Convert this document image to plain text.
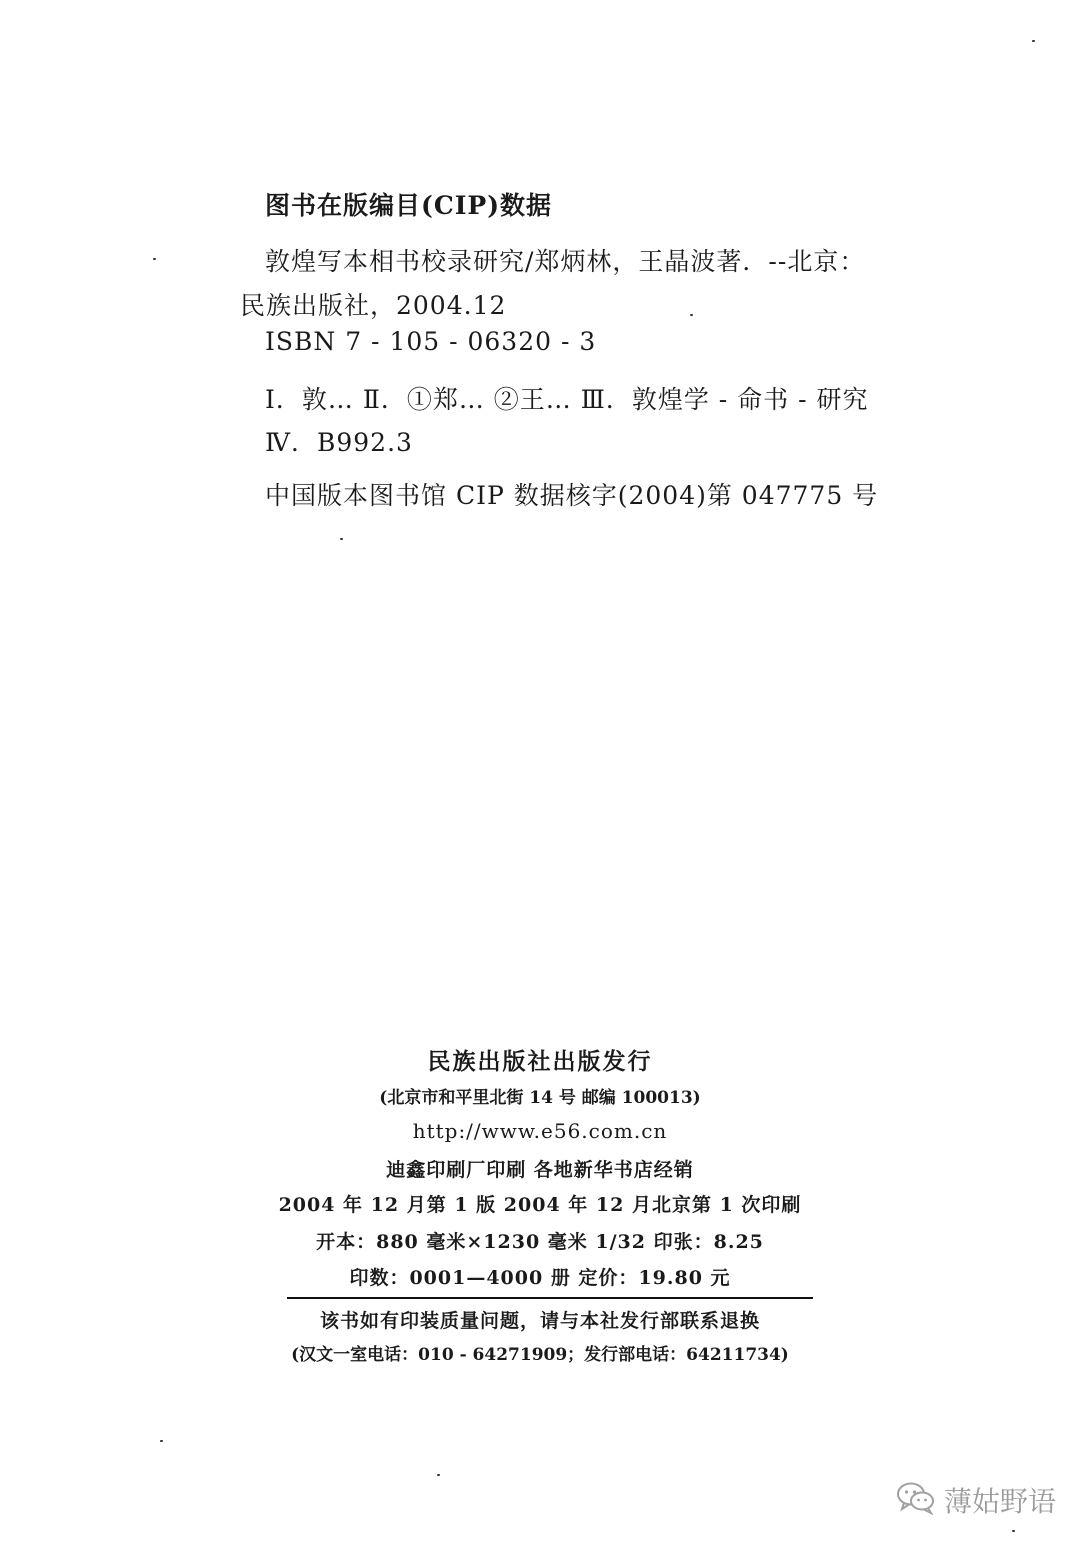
图书在版编目(CIP)数据
敦煌写本相书校录研究/郑炳林，王晶波著．--北京：
民族出版社，2004.12
ISBN 7 - 105 - 06320 - 3
Ⅰ．敦… Ⅱ．①郑… ②王… Ⅲ．敦煌学 - 命书 - 研究
Ⅳ．B992.3
中国版本图书馆 CIP 数据核字(2004)第 047775 号
民族出版社出版发行
(北京市和平里北街 14 号 邮编 100013)
http://www.e56.com.cn
迪鑫印刷厂印刷 各地新华书店经销
2004 年 12 月第 1 版 2004 年 12 月北京第 1 次印刷
开本：880 毫米×1230 毫米 1/32 印张：8.25
印数：0001—4000 册 定价：19.80 元
该书如有印装质量问题，请与本社发行部联系退换
(汉文一室电话：010 - 64271909；发行部电话：64211734)
薄姑野语
